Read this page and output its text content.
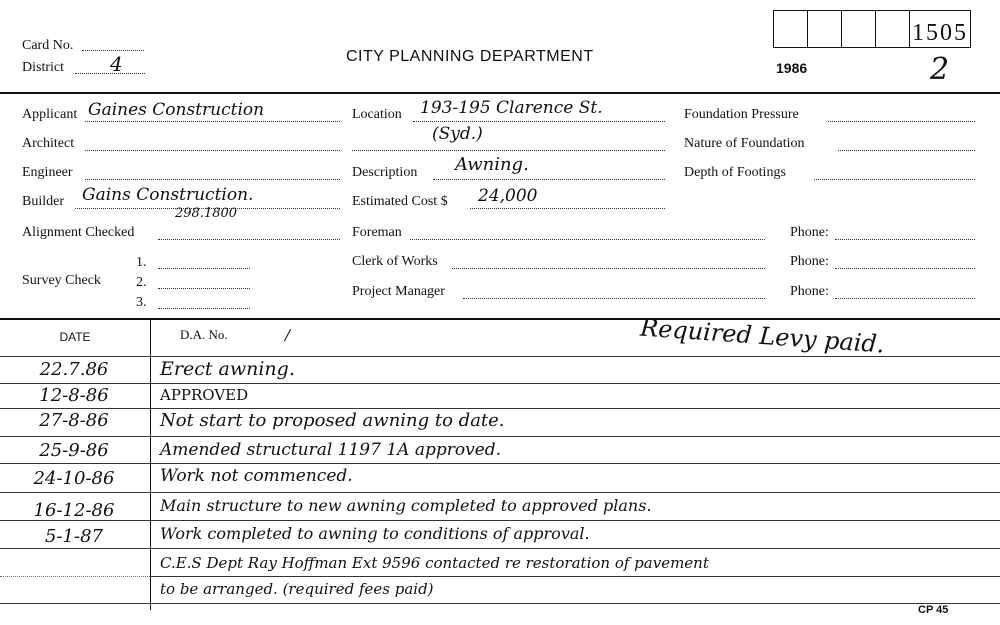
Card No.
District 4	CITY PLANNING DEPARTMENT
1986
1505
2
Applicant Gaines Construction
Architect
Engineer
Builder Gains Construction.
298.1800
Alignment Checked
Survey Check
1.
2.
3.
Location 193-195 Clarence St.
(Syd.)
Description Awning.
Estimated Cost $ 24,000
Foreman	Phone:
Clerk of Works	Phone:
Project Manager	Phone:
Foundation Pressure
Nature of Foundation
Depth of Footings
DATE	D.A. No.	/	Required Levy paid.
22.7.86	Erect awning.
12-8-86	APPROVED
27-8-86	Not start to proposed awning to date.
25-9-86	Amended structural 1197 1A approved.
24-10-86	Work not commenced.
16-12-86	Main structure to new awning completed to approved plans.
5-1-87	Work completed to awning to conditions of approval.
C.E.S Dept Ray Hoffman Ext 9596 contacted re restoration of pavement
to be arranged. (required fees paid)
CP 45
